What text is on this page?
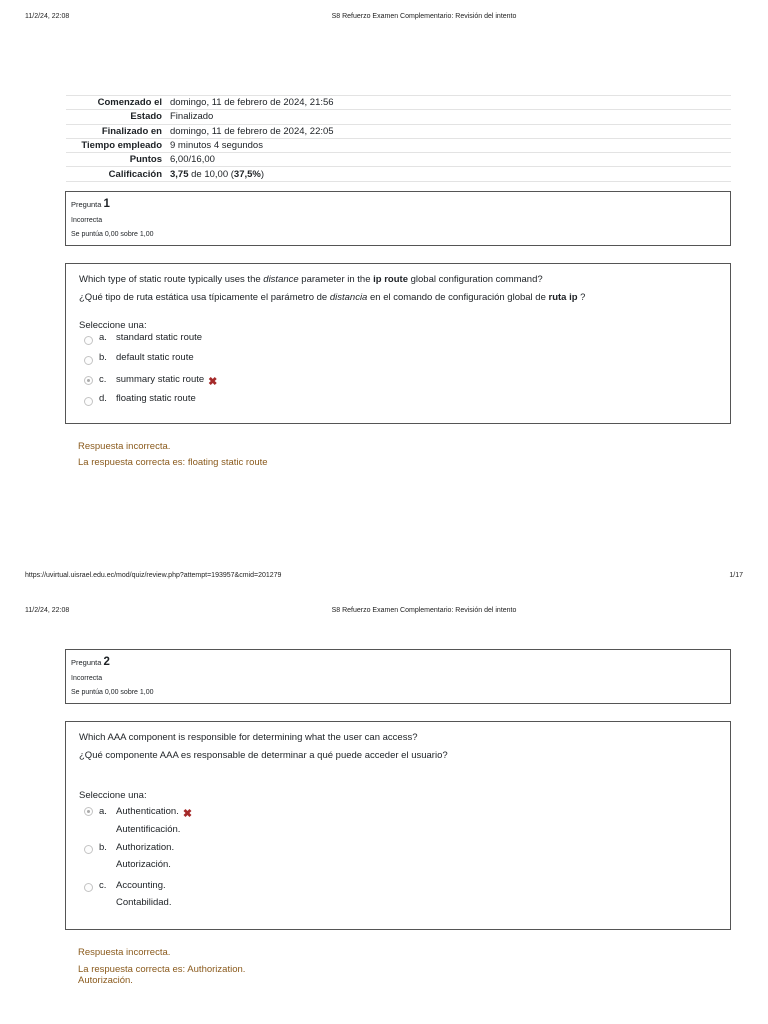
11/2/24, 22:08	S8 Refuerzo Examen Complementario: Revisión del intento
Comenzado el	domingo, 11 de febrero de 2024, 21:56
Estado	Finalizado
Finalizado en	domingo, 11 de febrero de 2024, 22:05
Tiempo empleado	9 minutos 4 segundos
Puntos	6,00/16,00
Calificación	3,75 de 10,00 (37,5%)
Pregunta 1
Incorrecta
Se puntúa 0,00 sobre 1,00
Which type of static route typically uses the distance parameter in the ip route global configuration command?
¿Qué tipo de ruta estática usa típicamente el parámetro de distancia en el comando de configuración global de ruta ip ?
Seleccione una:
a. standard static route
b. default static route
c. summary static route ✖
d. floating static route
Respuesta incorrecta.
La respuesta correcta es: floating static route
https://uvirtual.uisrael.edu.ec/mod/quiz/review.php?attempt=193957&cmid=201279	1/17
11/2/24, 22:08	S8 Refuerzo Examen Complementario: Revisión del intento
Pregunta 2
Incorrecta
Se puntúa 0,00 sobre 1,00
Which AAA component is responsible for determining what the user can access?
¿Qué componente AAA es responsable de determinar a qué puede acceder el usuario?
Seleccione una:
a. Authentication. ✖
Autentificación.
b. Authorization.
Autorización.
c. Accounting.
Contabilidad.
Respuesta incorrecta.
La respuesta correcta es: Authorization.
Autorización.
